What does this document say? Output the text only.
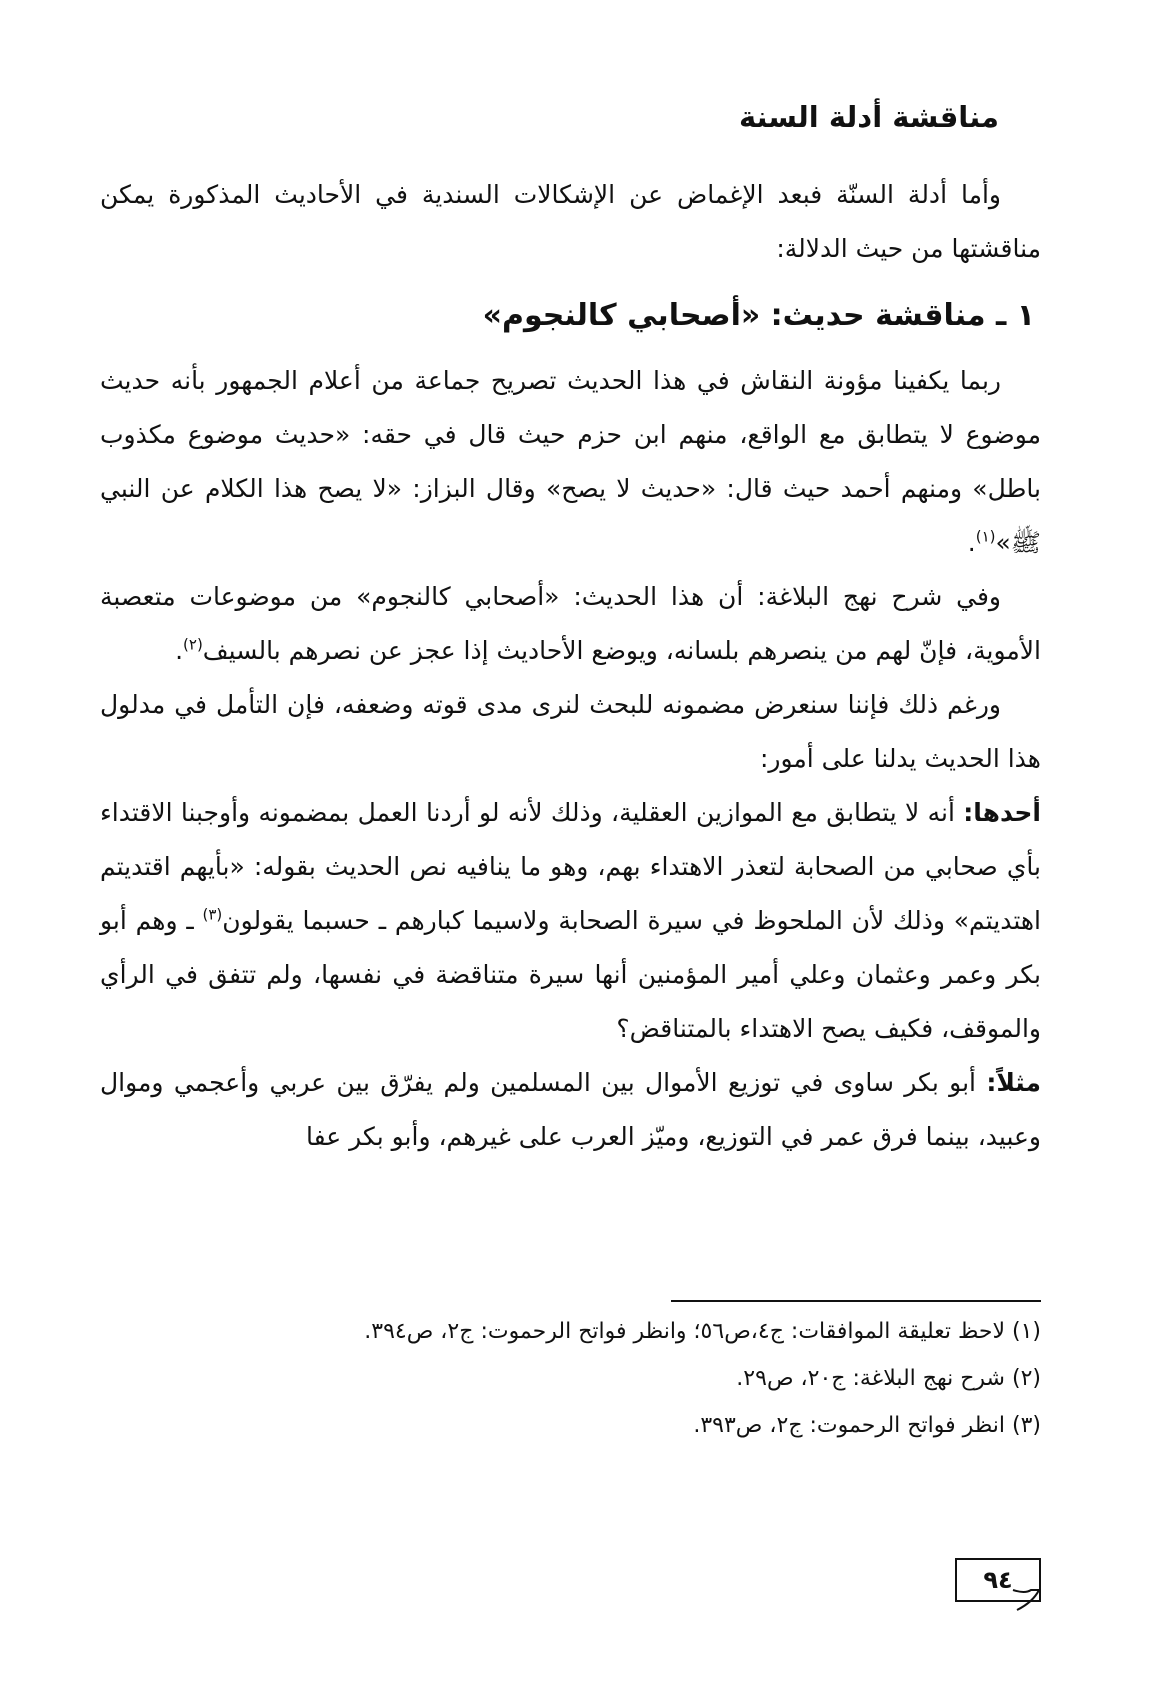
مناقشة أدلة السنة

وأما أدلة السنّة فبعد الإغماض عن الإشكالات السندية في الأحاديث المذكورة يمكن مناقشتها من حيث الدلالة:

١ ـ مناقشة حديث: «أصحابي كالنجوم»

ربما يكفينا مؤونة النقاش في هذا الحديث تصريح جماعة من أعلام الجمهور بأنه حديث موضوع لا يتطابق مع الواقع، منهم ابن حزم حيث قال في حقه: «حديث موضوع مكذوب باطل» ومنهم أحمد حيث قال: «حديث لا يصح» وقال البزاز: «لا يصح هذا الكلام عن النبي ﷺ»$^{(١)}$.

وفي شرح نهج البلاغة: أن هذا الحديث: «أصحابي كالنجوم» من موضوعات متعصبة الأموية، فإنّ لهم من ينصرهم بلسانه، ويوضع الأحاديث إذا عجز عن نصرهم بالسيف$^{(٢)}$.

ورغم ذلك فإننا سنعرض مضمونه للبحث لنرى مدى قوته وضعفه، فإن التأمل في مدلول هذا الحديث يدلنا على أمور:

أحدها: أنه لا يتطابق مع الموازين العقلية، وذلك لأنه لو أردنا العمل بمضمونه وأوجبنا الاقتداء بأي صحابي من الصحابة لتعذر الاهتداء بهم، وهو ما ينافيه نص الحديث بقوله: «بأيهم اقتديتم اهتديتم» وذلك لأن الملحوظ في سيرة الصحابة ولاسيما كبارهم ـ حسبما يقولون$^{(٣)}$ ـ وهم أبو بكر وعمر وعثمان وعلي أمير المؤمنين أنها سيرة متناقضة في نفسها، ولم تتفق في الرأي والموقف، فكيف يصح الاهتداء بالمتناقض؟

مثلاً: أبو بكر ساوى في توزيع الأموال بين المسلمين ولم يفرّق بين عربي وأعجمي وموال وعبيد، بينما فرق عمر في التوزيع، وميّز العرب على غيرهم، وأبو بكر عفا

(١) لاحظ تعليقة الموافقات: ج٤،ص٥٦؛ وانظر فواتح الرحموت: ج٢، ص٣٩٤.
(٢) شرح نهج البلاغة: ج٢٠، ص٢٩.
(٣) انظر فواتح الرحموت: ج٢، ص٣٩٣.
٩٤
